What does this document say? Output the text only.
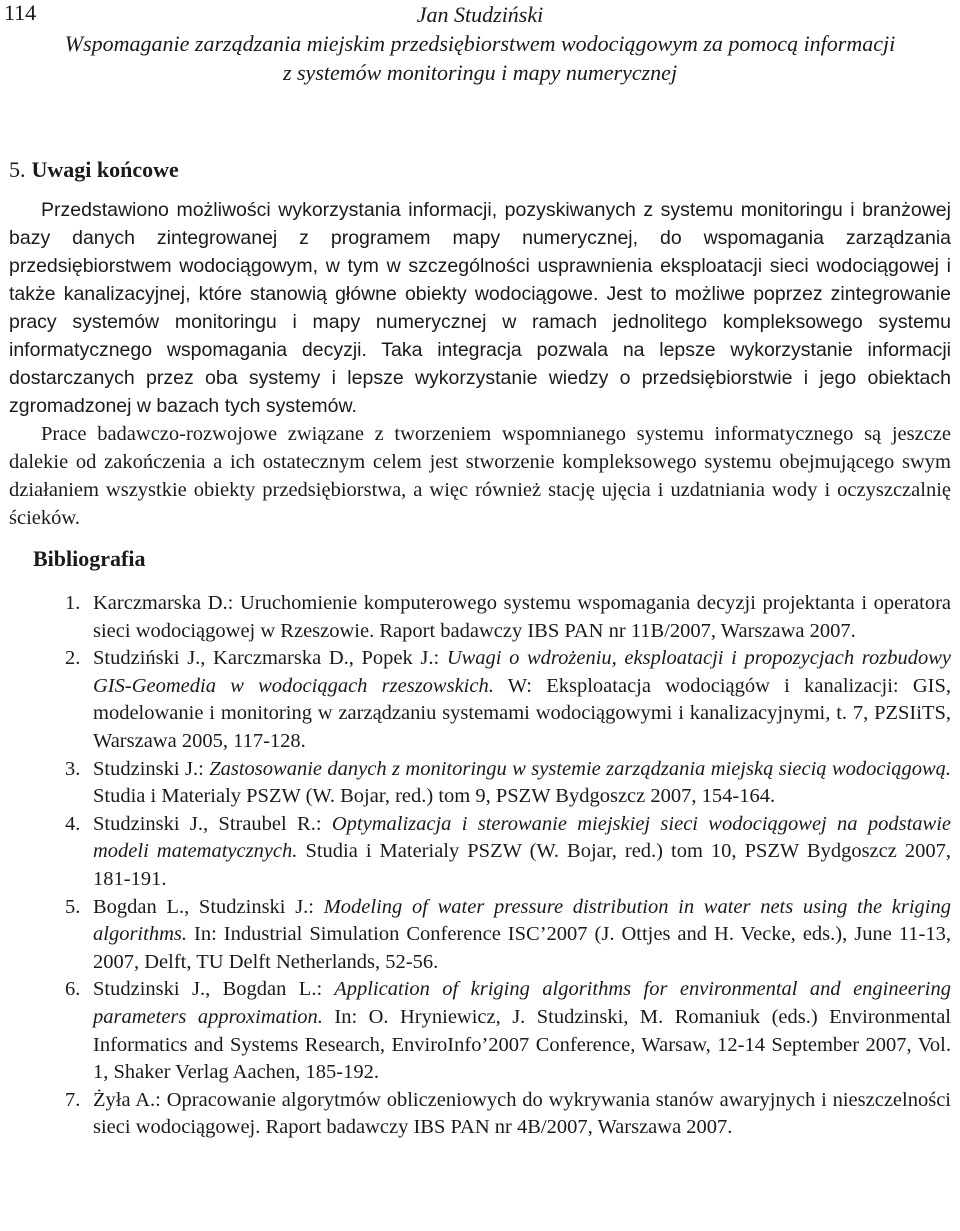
114	Jan Studziński
Wspomaganie zarządzania miejskim przedsiębiorstwem wodociągowym za pomocą informacji
z systemów monitoringu i mapy numerycznej
5. Uwagi końcowe

Przedstawiono możliwości wykorzystania informacji, pozyskiwanych z systemu monitoringu i branżowej bazy danych zintegrowanej z programem mapy numerycznej, do wspomagania zarządzania przedsiębiorstwem wodociągowym, w tym w szczególności usprawnienia eksploatacji sieci wodociągowej i także kanalizacyjnej, które stanowią główne obiekty wodociągowe. Jest to możliwe poprzez zintegrowanie pracy systemów monitoringu i mapy numerycznej w ramach jednolitego kompleksowego systemu informatycznego wspomagania decyzji. Taka integracja pozwala na lepsze wykorzystanie informacji dostarczanych przez oba systemy i lepsze wykorzystanie wiedzy o przedsiębiorstwie i jego obiektach zgromadzonej w bazach tych systemów.

Prace badawczo-rozwojowe związane z tworzeniem wspomnianego systemu informatycznego są jeszcze dalekie od zakończenia a ich ostatecznym celem jest stworzenie kompleksowego systemu obejmującego swym działaniem wszystkie obiekty przedsiębiorstwa, a więc również stację ujęcia i uzdatniania wody i oczyszczalnię ścieków.

Bibliografia
1. Karczmarska D.: Uruchomienie komputerowego systemu wspomagania decyzji projektanta i operatora sieci wodociągowej w Rzeszowie. Raport badawczy IBS PAN nr 11B/2007, Warszawa 2007.
2. Studziński J., Karczmarska D., Popek J.: Uwagi o wdrożeniu, eksploatacji i propozycjach rozbudowy GIS-Geomedia w wodociągach rzeszowskich. W: Eksploatacja wodociągów i kanalizacji: GIS, modelowanie i monitoring w zarządzaniu systemami wodociągowymi i kanalizacyjnymi, t. 7, PZSIiTS, Warszawa 2005, 117-128.
3. Studzinski J.: Zastosowanie danych z monitoringu w systemie zarządzania miejską siecią wodociągową. Studia i Materialy PSZW (W. Bojar, red.) tom 9, PSZW Bydgoszcz 2007, 154-164.
4. Studzinski J., Straubel R.: Optymalizacja i sterowanie miejskiej sieci wodociągowej na podstawie modeli matematycznych. Studia i Materialy PSZW (W. Bojar, red.) tom 10, PSZW Bydgoszcz 2007, 181-191.
5. Bogdan L., Studzinski J.: Modeling of water pressure distribution in water nets using the kriging algorithms. In: Industrial Simulation Conference ISC’2007 (J. Ottjes and H. Vecke, eds.), June 11-13, 2007, Delft, TU Delft Netherlands, 52-56.
6. Studzinski J., Bogdan L.: Application of kriging algorithms for environmental and engineering parameters approximation. In: O. Hryniewicz, J. Studzinski, M. Romaniuk (eds.) Environmental Informatics and Systems Research, EnviroInfo’2007 Conference, Warsaw, 12-14 September 2007, Vol. 1, Shaker Verlag Aachen, 185-192.
7. Żyła A.: Opracowanie algorytmów obliczeniowych do wykrywania stanów awaryjnych i nieszczelności sieci wodociągowej. Raport badawczy IBS PAN nr 4B/2007, Warszawa 2007.
